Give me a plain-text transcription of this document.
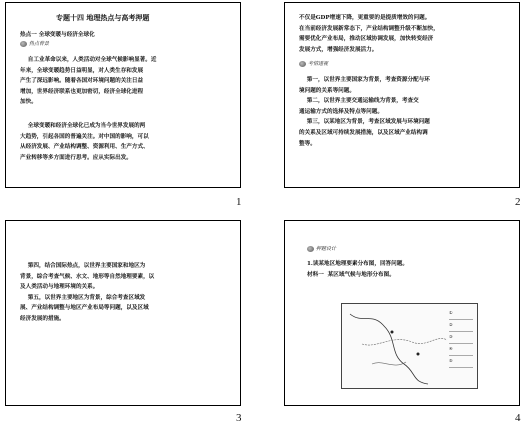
专题十四 地理热点与高考押题
热点一 全球变暖与经济全球化
热点背景
自工业革命以来，人类活动对全球气候影响显著。近
年来，全球变暖趋势日益明显，对人类生存和发展
产生了深远影响。随着各国对环境问题的关注日益
增加，世界经济联系也更加密切，经济全球化进程
加快。
全球变暖和经济全球化已成为当今世界发展的两
大趋势，引起各国的普遍关注。对中国的影响，可以
从经济发展、产业结构调整、资源利用、生产方式、
产业转移等多方面进行思考。应从实际出发。
1
不仅是GDP增速下降，更重要的是提质增效的问题。
在当前经济发展新常态下，产业结构调整升级不断加快，
需要优化产业布局，推动区域协调发展，加快转变经济
发展方式，增强经济发展活力。
考情透视
第一，以世界主要国家为背景，考查资源分配与环
境问题的关系等问题。
第二，以世界主要交通运输线为背景，考查交
通运输方式的选择及特点等问题。
第三，以某地区为背景，考查区域发展与环境问题
的关系及区域可持续发展措施，以及区域产业结构调
整等。
2
第四，结合国际热点，以世界主要国家和地区为
背景，综合考查气候、水文、地形等自然地理要素，以
及人类活动与地理环境的关系。
第五，以世界主要地区为背景，综合考查区域发
展、产业结构调整与地区产业布局等问题，以及区域
经济发展的措施。
3
押题设计
1.读某地区地理要素分布图，回答问题。
材料一  某区域气候与地形分布图。
①
②
③
④
⑤
4
